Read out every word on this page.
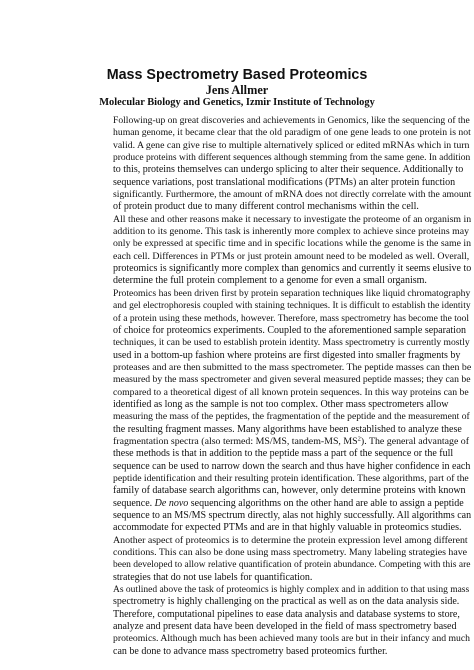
Mass Spectrometry Based Proteomics
Jens Allmer
Molecular Biology and Genetics, Izmir Institute of Technology
Following-up on great discoveries and achievements in Genomics, like the sequencing of the
human genome, it became clear that the old paradigm of one gene leads to one protein is not
valid. A gene can give rise to multiple alternatively spliced or edited mRNAs which in turn
produce proteins with different sequences although stemming from the same gene. In addition
to this, proteins themselves can undergo splicing to alter their sequence. Additionally to
sequence variations, post translational modifications (PTMs) an alter protein function
significantly. Furthermore, the amount of mRNA does not directly correlate with the amount
of protein product due to many different control mechanisms within the cell.
All these and other reasons make it necessary to investigate the proteome of an organism in
addition to its genome. This task is inherently more complex to achieve since proteins may
only be expressed at specific time and in specific locations while the genome is the same in
each cell. Differences in PTMs or just protein amount need to be modeled as well. Overall,
proteomics is significantly more complex than genomics and currently it seems elusive to
determine the full protein complement to a genome for even a small organism.
Proteomics has been driven first by protein separation techniques like liquid chromatography
and gel electrophoresis coupled with staining techniques. It is difficult to establish the identity
of a protein using these methods, however. Therefore, mass spectrometry has become the tool
of choice for proteomics experiments. Coupled to the aforementioned sample separation
techniques, it can be used to establish protein identity. Mass spectrometry is currently mostly
used in a bottom-up fashion where proteins are first digested into smaller fragments by
proteases and are then submitted to the mass spectrometer. The peptide masses can then be
measured by the mass spectrometer and given several measured peptide masses; they can be
compared to a theoretical digest of all known protein sequences. In this way proteins can be
identified as long as the sample is not too complex. Other mass spectrometers allow
measuring the mass of the peptides, the fragmentation of the peptide and the measurement of
the resulting fragment masses. Many algorithms have been established to analyze these
fragmentation spectra (also termed: MS/MS, tandem-MS, $MS^2$). The general advantage of
these methods is that in addition to the peptide mass a part of the sequence or the full
sequence can be used to narrow down the search and thus have higher confidence in each
peptide identification and their resulting protein identification. These algorithms, part of the
family of database search algorithms can, however, only determine proteins with known
sequence. De novo sequencing algorithms on the other hand are able to assign a peptide
sequence to an MS/MS spectrum directly, alas not highly successfully. All algorithms can
accommodate for expected PTMs and are in that highly valuable in proteomics studies.
Another aspect of proteomics is to determine the protein expression level among different
conditions. This can also be done using mass spectrometry. Many labeling strategies have
been developed to allow relative quantification of protein abundance. Competing with this are
strategies that do not use labels for quantification.
As outlined above the task of proteomics is highly complex and in addition to that using mass
spectrometry is highly challenging on the practical as well as on the data analysis side.
Therefore, computational pipelines to ease data analysis and database systems to store,
analyze and present data have been developed in the field of mass spectrometry based
proteomics. Although much has been achieved many tools are but in their infancy and much
can be done to advance mass spectrometry based proteomics further.
